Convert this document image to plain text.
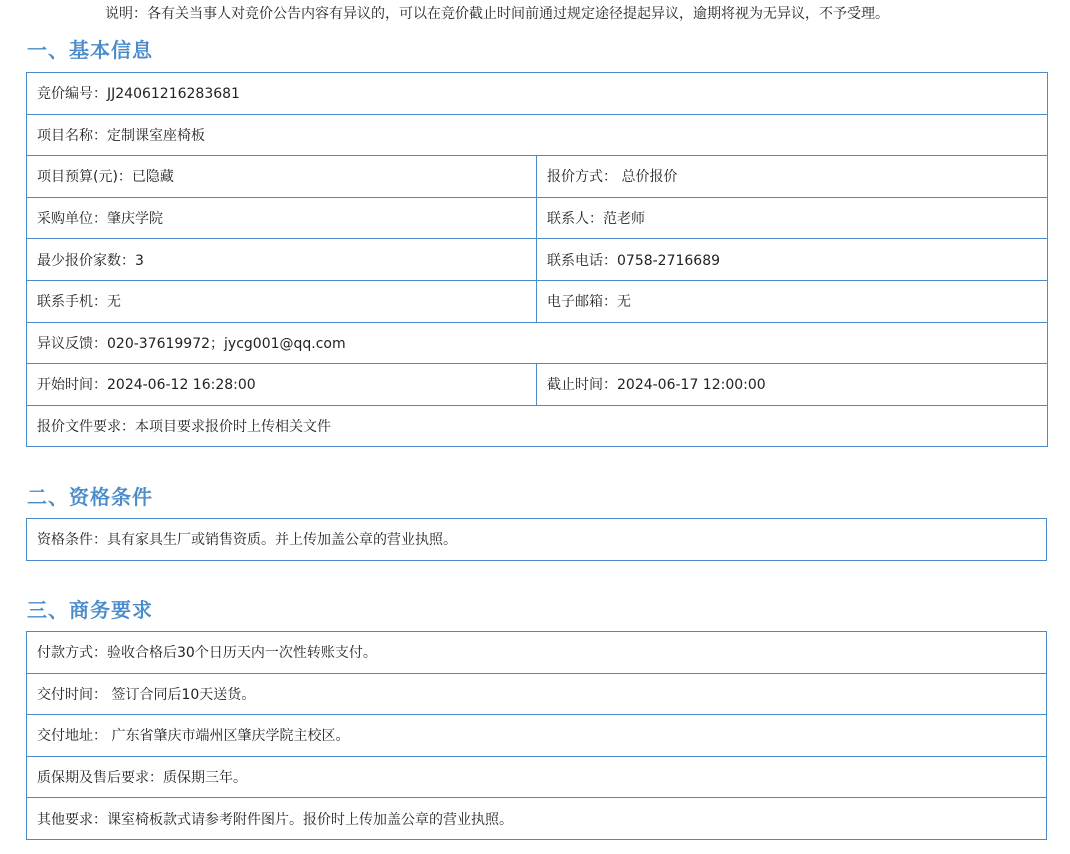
说明：各有关当事人对竞价公告内容有异议的，可以在竞价截止时间前通过规定途径提起异议，逾期将视为无异议，不予受理。
一、基本信息
竞价编号：JJ24061216283681	
项目名称：定制课室座椅板	
项目预算(元)：已隐藏	报价方式： 总价报价
采购单位：肇庆学院	联系人：范老师
最少报价家数：3	联系电话：0758-2716689
联系手机：无	电子邮箱：无
异议反馈：020-37619972；jycg001@qq.com	
开始时间：2024-06-12 16:28:00	截止时间：2024-06-17 12:00:00
报价文件要求：本项目要求报价时上传相关文件	
二、资格条件
资格条件：具有家具生厂或销售资质。并上传加盖公章的营业执照。
三、商务要求
付款方式：验收合格后30个日历天内一次性转账支付。
交付时间： 签订合同后10天送货。
交付地址： 广东省肇庆市端州区肇庆学院主校区。
质保期及售后要求：质保期三年。
其他要求：课室椅板款式请参考附件图片。报价时上传加盖公章的营业执照。
